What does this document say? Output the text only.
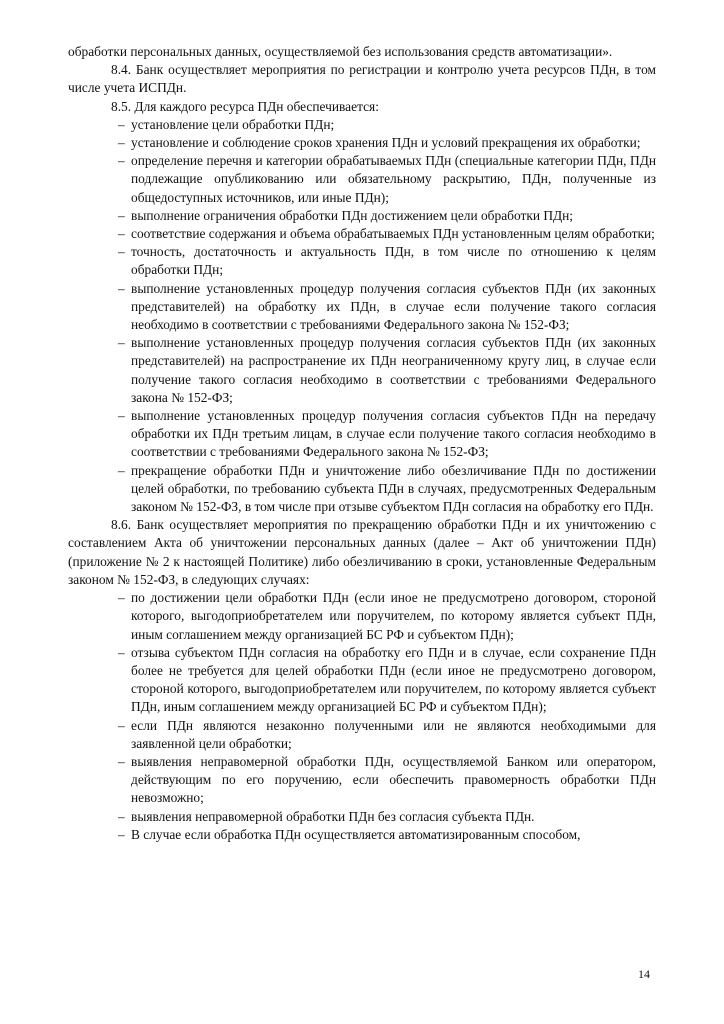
обработки персональных данных, осуществляемой без использования средств автоматизации».

8.4. Банк осуществляет мероприятия по регистрации и контролю учета ресурсов ПДн, в том числе учета ИСПДн.

8.5. Для каждого ресурса ПДн обеспечивается:

– установление цели обработки ПДн;
– установление и соблюдение сроков хранения ПДн и условий прекращения их обработки;
– определение перечня и категории обрабатываемых ПДн (специальные категории ПДн, ПДн подлежащие опубликованию или обязательному раскрытию, ПДн, полученные из общедоступных источников, или иные ПДн);
– выполнение ограничения обработки ПДн достижением цели обработки ПДн;
– соответствие содержания и объема обрабатываемых ПДн установленным целям обработки;
– точность, достаточность и актуальность ПДн, в том числе по отношению к целям обработки ПДн;
– выполнение установленных процедур получения согласия субъектов ПДн (их законных представителей) на обработку их ПДн, в случае если получение такого согласия необходимо в соответствии с требованиями Федерального закона № 152-ФЗ;
– выполнение установленных процедур получения согласия субъектов ПДн (их законных представителей) на распространение их ПДн неограниченному кругу лиц, в случае если получение такого согласия необходимо в соответствии с требованиями Федерального закона № 152-ФЗ;
– выполнение установленных процедур получения согласия субъектов ПДн на передачу обработки их ПДн третьим лицам, в случае если получение такого согласия необходимо в соответствии с требованиями Федерального закона № 152-ФЗ;
– прекращение обработки ПДн и уничтожение либо обезличивание ПДн по достижении целей обработки, по требованию субъекта ПДн в случаях, предусмотренных Федеральным законом № 152-ФЗ, в том числе при отзыве субъектом ПДн согласия на обработку его ПДн.

8.6. Банк осуществляет мероприятия по прекращению обработки ПДн и их уничтожению с составлением Акта об уничтожении персональных данных (далее – Акт об уничтожении ПДн) (приложение № 2 к настоящей Политике) либо обезличиванию в сроки, установленные Федеральным законом № 152-ФЗ, в следующих случаях:

– по достижении цели обработки ПДн (если иное не предусмотрено договором, стороной которого, выгодоприобретателем или поручителем, по которому является субъект ПДн, иным соглашением между организацией БС РФ и субъектом ПДн);
– отзыва субъектом ПДн согласия на обработку его ПДн и в случае, если сохранение ПДн более не требуется для целей обработки ПДн (если иное не предусмотрено договором, стороной которого, выгодоприобретателем или поручителем, по которому является субъект ПДн, иным соглашением между организацией БС РФ и субъектом ПДн);
– если ПДн являются незаконно полученными или не являются необходимыми для заявленной цели обработки;
– выявления неправомерной обработки ПДн, осуществляемой Банком или оператором, действующим по его поручению, если обеспечить правомерность обработки ПДн невозможно;
– выявления неправомерной обработки ПДн без согласия субъекта ПДн.
– В случае если обработка ПДн осуществляется автоматизированным способом,
14
